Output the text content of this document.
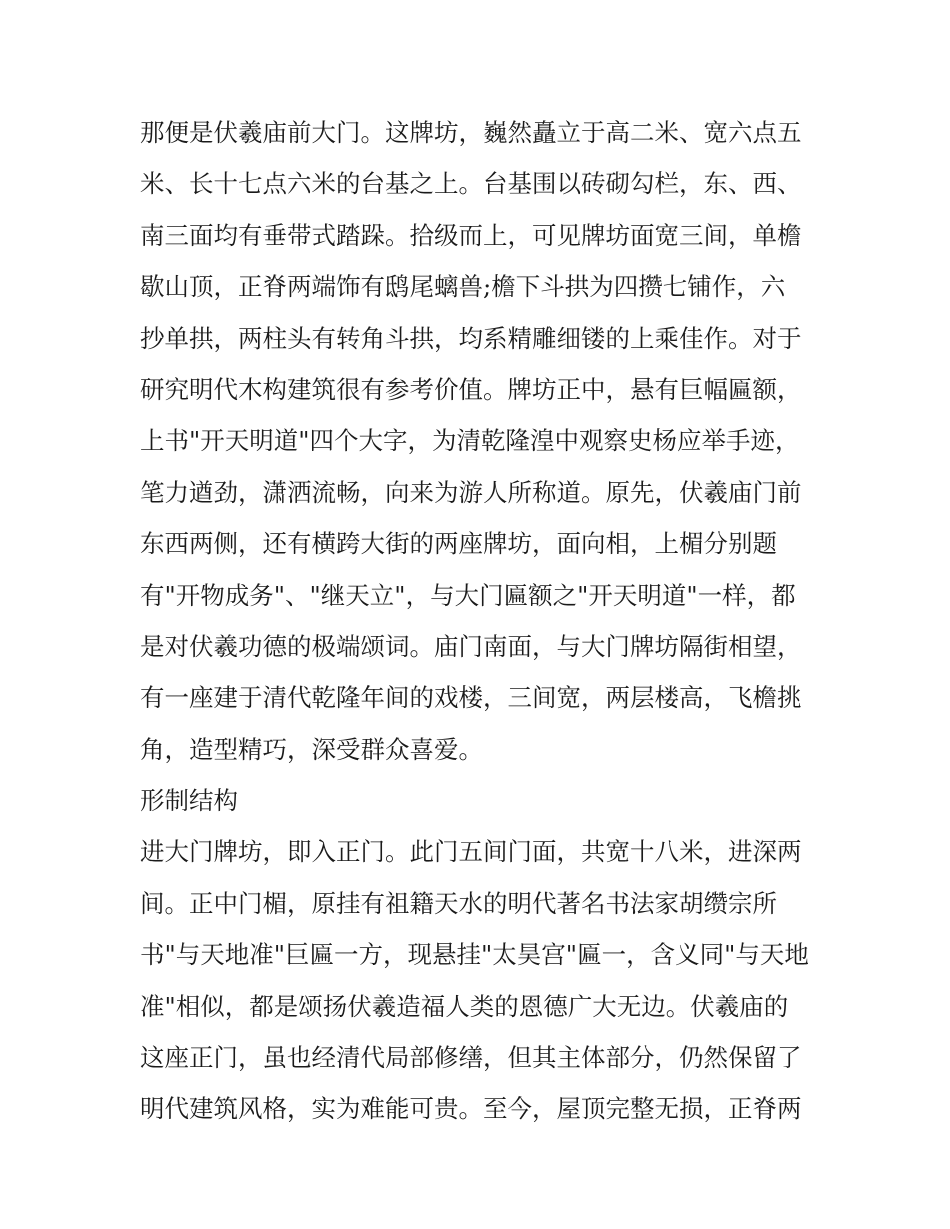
那便是伏羲庙前大门。这牌坊，巍然矗立于高二米、宽六点五
米、长十七点六米的台基之上。台基围以砖砌勾栏，东、西、
南三面均有垂带式踏跺。拾级而上，可见牌坊面宽三间，单檐
歇山顶，正脊两端饰有鸱尾螭兽;檐下斗拱为四攒七铺作，六
抄单拱，两柱头有转角斗拱，均系精雕细镂的上乘佳作。对于
研究明代木构建筑很有参考价值。牌坊正中，悬有巨幅匾额，
上书"开天明道"四个大字，为清乾隆湟中观察史杨应举手迹，
笔力遒劲，潇洒流畅，向来为游人所称道。原先，伏羲庙门前
东西两侧，还有横跨大街的两座牌坊，面向相，上楣分别题
有"开物成务"、"继天立"，与大门匾额之"开天明道"一样，都
是对伏羲功德的极端颂词。庙门南面，与大门牌坊隔街相望，
有一座建于清代乾隆年间的戏楼，三间宽，两层楼高，飞檐挑
角，造型精巧，深受群众喜爱。
形制结构
进大门牌坊，即入正门。此门五间门面，共宽十八米，进深两
间。正中门楣，原挂有祖籍天水的明代著名书法家胡缵宗所
书"与天地准"巨匾一方，现悬挂"太昊宫"匾一，含义同"与天地
准"相似，都是颂扬伏羲造福人类的恩德广大无边。伏羲庙的
这座正门，虽也经清代局部修缮，但其主体部分，仍然保留了
明代建筑风格，实为难能可贵。至今，屋顶完整无损，正脊两
